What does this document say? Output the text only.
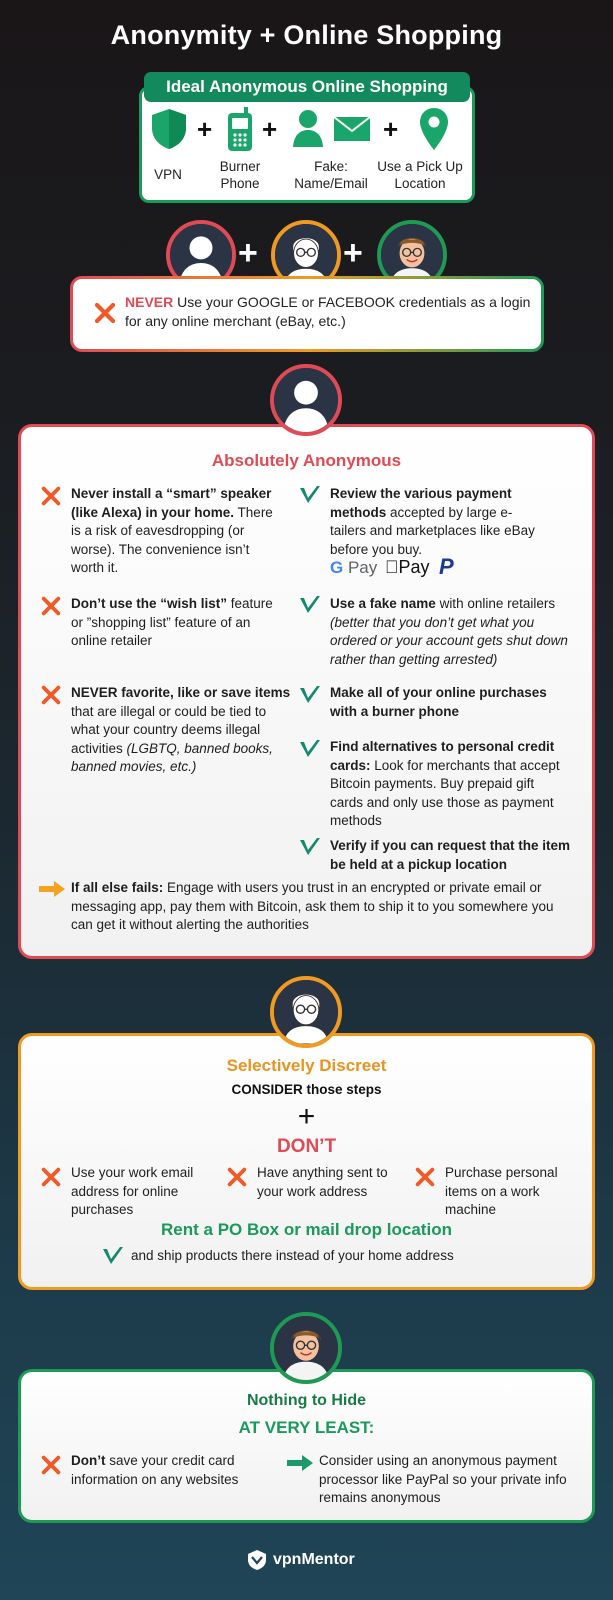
Anonymity + Online Shopping
Ideal Anonymous Online Shopping
VPN
+
Burner
Phone
+
Fake:
Name/Email
+
Use a Pick Up
Location
+	+
NEVER Use your GOOGLE or FACEBOOK credentials as a login for any online merchant (eBay, etc.)
Absolutely Anonymous
Never install a “smart” speaker (like Alexa) in your home. There is a risk of eavesdropping (or worse). The convenience isn’t worth it.
Don’t use the “wish list” feature or ”shopping list” feature of an online retailer
NEVER favorite, like or save items that are illegal or could be tied to what your country deems illegal activities (LGBTQ, banned books, banned movies, etc.)
Review the various payment methods accepted by large e-tailers and marketplaces like eBay before you buy.
G Pay Pay P
Use a fake name with online retailers (better that you don’t get what you ordered or your account gets shut down rather than getting arrested)
Make all of your online purchases with a burner phone
Find alternatives to personal credit cards: Look for merchants that accept Bitcoin payments. Buy prepaid gift cards and only use those as payment methods
Verify if you can request that the item be held at a pickup location
If all else fails: Engage with users you trust in an encrypted or private email or messaging app, pay them with Bitcoin, ask them to ship it to you somewhere you can get it without alerting the authorities
Selectively Discreet
CONSIDER those steps
+
DON’T
Use your work email address for online purchases
Have anything sent to your work address
Purchase personal items on a work machine
Rent a PO Box or mail drop location
and ship products there instead of your home address
Nothing to Hide
AT VERY LEAST:
Don’t save your credit card information on any websites
Consider using an anonymous payment processor like PayPal so your private info remains anonymous
vpnMentor
